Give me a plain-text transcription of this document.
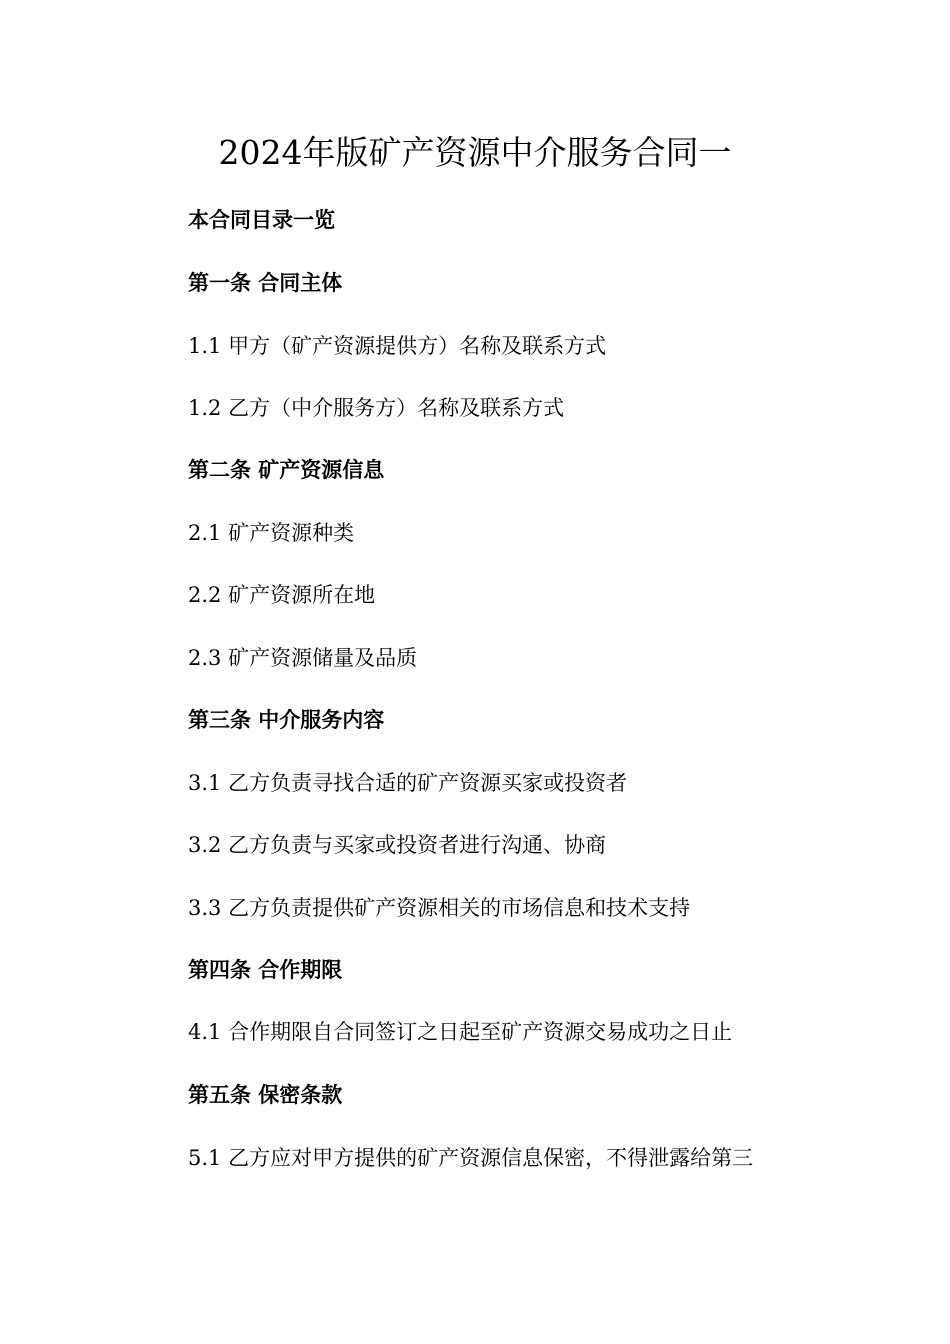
2024年版矿产资源中介服务合同一
本合同目录一览
第一条 合同主体
1.1 甲方（矿产资源提供方）名称及联系方式
1.2 乙方（中介服务方）名称及联系方式
第二条 矿产资源信息
2.1 矿产资源种类
2.2 矿产资源所在地
2.3 矿产资源储量及品质
第三条 中介服务内容
3.1 乙方负责寻找合适的矿产资源买家或投资者
3.2 乙方负责与买家或投资者进行沟通、协商
3.3 乙方负责提供矿产资源相关的市场信息和技术支持
第四条 合作期限
4.1 合作期限自合同签订之日起至矿产资源交易成功之日止
第五条 保密条款
5.1 乙方应对甲方提供的矿产资源信息保密，不得泄露给第三
